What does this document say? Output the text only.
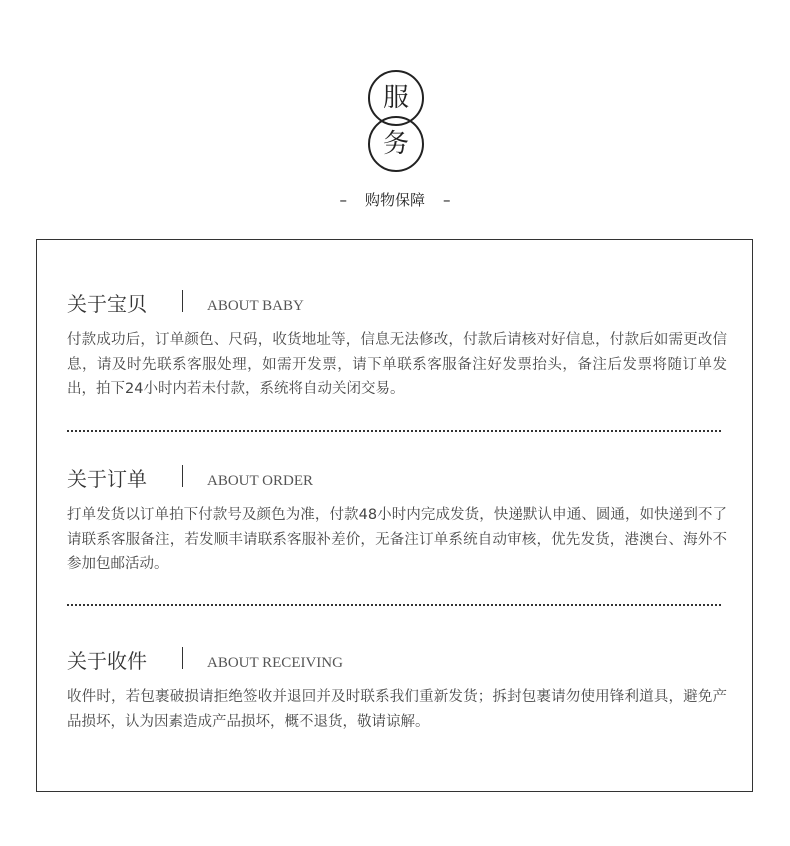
服
务
– 购物保障 –
关于宝贝	ABOUT BABY

付款成功后，订单颜色、尺码，收货地址等，信息无法修改，付款后请核对好信息，付款后如需更改信息，请及时先联系客服处理，如需开发票，请下单联系客服备注好发票抬头，备注后发票将随订单发出，拍下24小时内若未付款，系统将自动关闭交易。

关于订单	ABOUT ORDER

打单发货以订单拍下付款号及颜色为准，付款48小时内完成发货，快递默认申通、圆通，如快递到不了请联系客服备注，若发顺丰请联系客服补差价，无备注订单系统自动审核，优先发货，港澳台、海外不参加包邮活动。

关于收件	ABOUT RECEIVING

收件时，若包裹破损请拒绝签收并退回并及时联系我们重新发货；拆封包裹请勿使用锋利道具，避免产品损坏，认为因素造成产品损坏，概不退货，敬请谅解。
